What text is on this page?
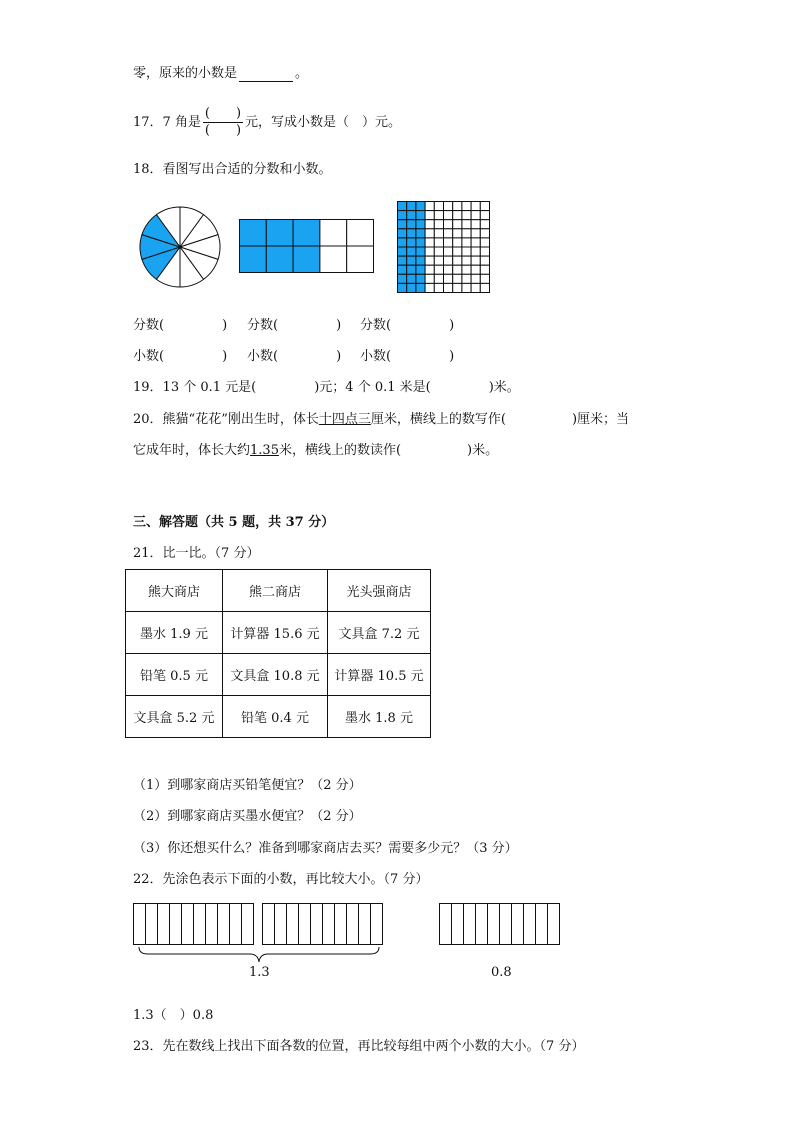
零，原来的小数是	。
17．7 角是 $\frac{( )}{( )}$ 元，写成小数是（　）元。
18．看图写出合适的分数和小数。
分数(	) 分数(	) 分数(	)
小数(	) 小数(	) 小数(	)
19．13 个 0.1 元是(	)元；4 个 0.1 米是(	)米。
20．熊猫“花花”刚出生时，体长十四点三厘米，横线上的数写作(	)厘米；当
它成年时，体长大约1.35米，横线上的数读作(	)米。
三、解答题（共 5 题，共 37 分）
21．比一比。（7 分）
熊大商店	熊二商店	光头强商店
墨水 1.9 元	计算器 15.6 元	文具盒 7.2 元
铅笔 0.5 元	文具盒 10.8 元	计算器 10.5 元
文具盒 5.2 元	铅笔 0.4 元	墨水 1.8 元
（1）到哪家商店买铅笔便宜？（2 分）
（2）到哪家商店买墨水便宜？（2 分）
（3）你还想买什么？准备到哪家商店去买？需要多少元？（3 分）
22．先涂色表示下面的小数，再比较大小。（7 分）
1.3	0.8
1.3（　）0.8
23．先在数线上找出下面各数的位置，再比较每组中两个小数的大小。（7 分）
